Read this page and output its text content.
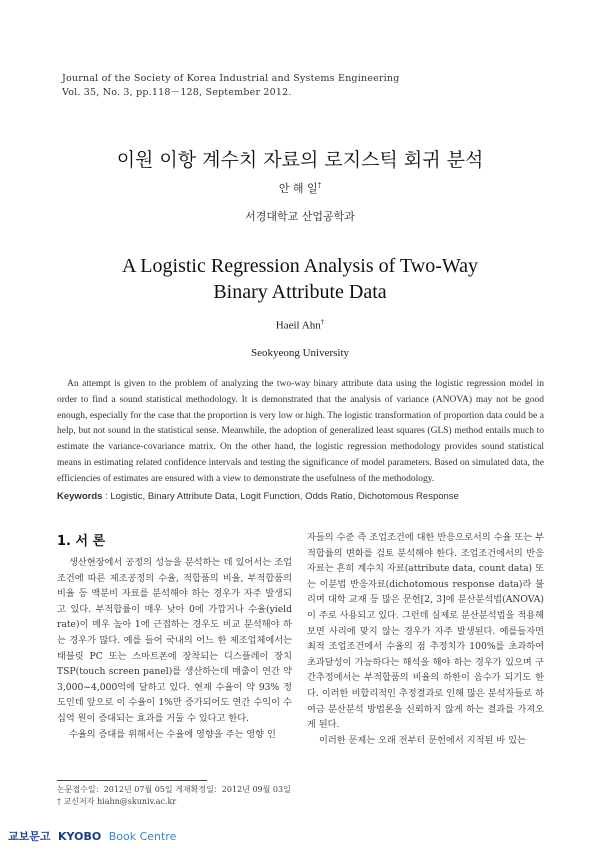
Journal of the Society of Korea Industrial and Systems Engineering
Vol. 35, No. 3, pp.118－128, September 2012.
이원 이항 계수치 자료의 로지스틱 회귀 분석
안 해 일†
서경대학교 산업공학과
A Logistic Regression Analysis of Two-Way
Binary Attribute Data
Haeil Ahn†
Seokyeong University
An attempt is given to the problem of analyzing the two-way binary attribute data using the logistic regression model in order to find a sound statistical methodology. It is demonstrated that the analysis of variance (ANOVA) may not be good enough, especially for the case that the proportion is very low or high. The logistic transformation of proportion data could be a help, but not sound in the statistical sense. Meanwhile, the adoption of generalized least squares (GLS) method entails much to estimate the variance-covariance matrix. On the other hand, the logistic regression methodology provides sound statistical means in estimating related confidence intervals and testing the significance of model parameters. Based on simulated data, the efficiencies of estimates are ensured with a view to demonstrate the usefulness of the methodology.
Keywords : Logistic, Binary Attribute Data, Logit Function, Odds Ratio, Dichotomous Response
1. 서 론

생산현장에서 공정의 성능을 분석하는 데 있어서는 조업조건에 따른 제조공정의 수율, 적합품의 비율, 부적합품의 비율 등 백분비 자료를 분석해야 하는 경우가 자주 발생되고 있다. 부적합률이 매우 낮아 0에 가깝거나 수율(yield rate)이 매우 높아 1에 근접하는 경우도 비교 분석해야 하는 경우가 많다. 예를 들어 국내의 어느 한 제조업체에서는 태블릿 PC 또는 스마트폰에 장착되는 디스플레이 장치 TSP(touch screen panel)를 생산하는데 매출이 연간 약 3,000~4,000억에 달하고 있다. 현재 수율이 약 93% 정도인데 앞으로 이 수율이 1%만 증가되어도 연간 수익이 수십억 원이 증대되는 효과를 거둘 수 있다고 한다.

수율의 증대를 위해서는 수율에 영향을 주는 영향 인

자들의 수준 즉 조업조건에 대한 반응으로서의 수율 또는 부적합률의 변화를 검토 분석해야 한다. 조업조건에서의 반응 자료는 흔히 계수치 자료(attribute data, count data) 또는 이분법 반응자료(dichotomous response data)라 불리며 대학 교재 등 많은 문헌[2, 3]에 분산분석법(ANOVA)이 주로 사용되고 있다. 그런데 실제로 분산분석법을 적용해 보면 사리에 맞지 않는 경우가 자주 발생된다. 예를들자면 최적 조업조건에서 수율의 점 추정치가 100%를 초과하여 초과달성이 가능하다는 해석을 해야 하는 경우가 있으며 구간추정에서는 부적합품의 비율의 하한이 음수가 되기도 한다. 이러한 비합리적인 추정결과로 인해 많은 분석자들로 하여금 분산분석 방법론을 신뢰하지 않게 하는 결과를 가져오게 된다.

이러한 문제는 오래 전부터 문헌에서 지적된 바 있는

논문접수일：2012년 07월 05일 게재확정일：2012년 09월 03일
† 교신저자 hiahn@skuniv.ac.kr
교보문고 KYOBO Book Centre
